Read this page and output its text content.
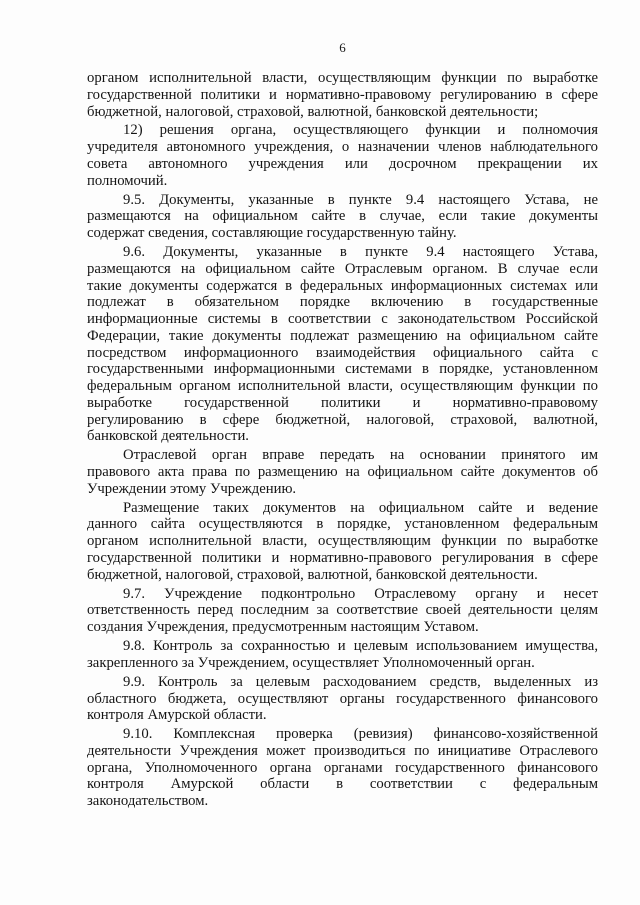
6
органом исполнительной власти, осуществляющим функции по выработке
государственной политики и нормативно-правовому регулированию в сфере
бюджетной, налоговой, страховой, валютной, банковской деятельности;
12) решения органа, осуществляющего функции и полномочия
учредителя автономного учреждения, о назначении членов наблюдательного
совета автономного учреждения или досрочном прекращении их
полномочий.
9.5. Документы, указанные в пункте 9.4 настоящего Устава, не
размещаются на официальном сайте в случае, если такие документы
содержат сведения, составляющие государственную тайну.
9.6. Документы, указанные в пункте 9.4 настоящего Устава,
размещаются на официальном сайте Отраслевым органом. В случае если
такие документы содержатся в федеральных информационных системах или
подлежат в обязательном порядке включению в государственные
информационные системы в соответствии с законодательством Российской
Федерации, такие документы подлежат размещению на официальном сайте
посредством информационного взаимодействия официального сайта с
государственными информационными системами в порядке, установленном
федеральным органом исполнительной власти, осуществляющим функции по
выработке государственной политики и нормативно-правовому
регулированию в сфере бюджетной, налоговой, страховой, валютной,
банковской деятельности.
Отраслевой орган вправе передать на основании принятого им
правового акта права по размещению на официальном сайте документов об
Учреждении этому Учреждению.
Размещение таких документов на официальном сайте и ведение
данного сайта осуществляются в порядке, установленном федеральным
органом исполнительной власти, осуществляющим функции по выработке
государственной политики и нормативно-правового регулирования в сфере
бюджетной, налоговой, страховой, валютной, банковской деятельности.
9.7. Учреждение подконтрольно Отраслевому органу и несет
ответственность перед последним за соответствие своей деятельности целям
создания Учреждения, предусмотренным настоящим Уставом.
9.8. Контроль за сохранностью и целевым использованием имущества,
закрепленного за Учреждением, осуществляет Уполномоченный орган.
9.9. Контроль за целевым расходованием средств, выделенных из
областного бюджета, осуществляют органы государственного финансового
контроля Амурской области.
9.10. Комплексная проверка (ревизия) финансово-хозяйственной
деятельности Учреждения может производиться по инициативе Отраслевого
органа, Уполномоченного органа органами государственного финансового
контроля Амурской области в соответствии с федеральным
законодательством.
